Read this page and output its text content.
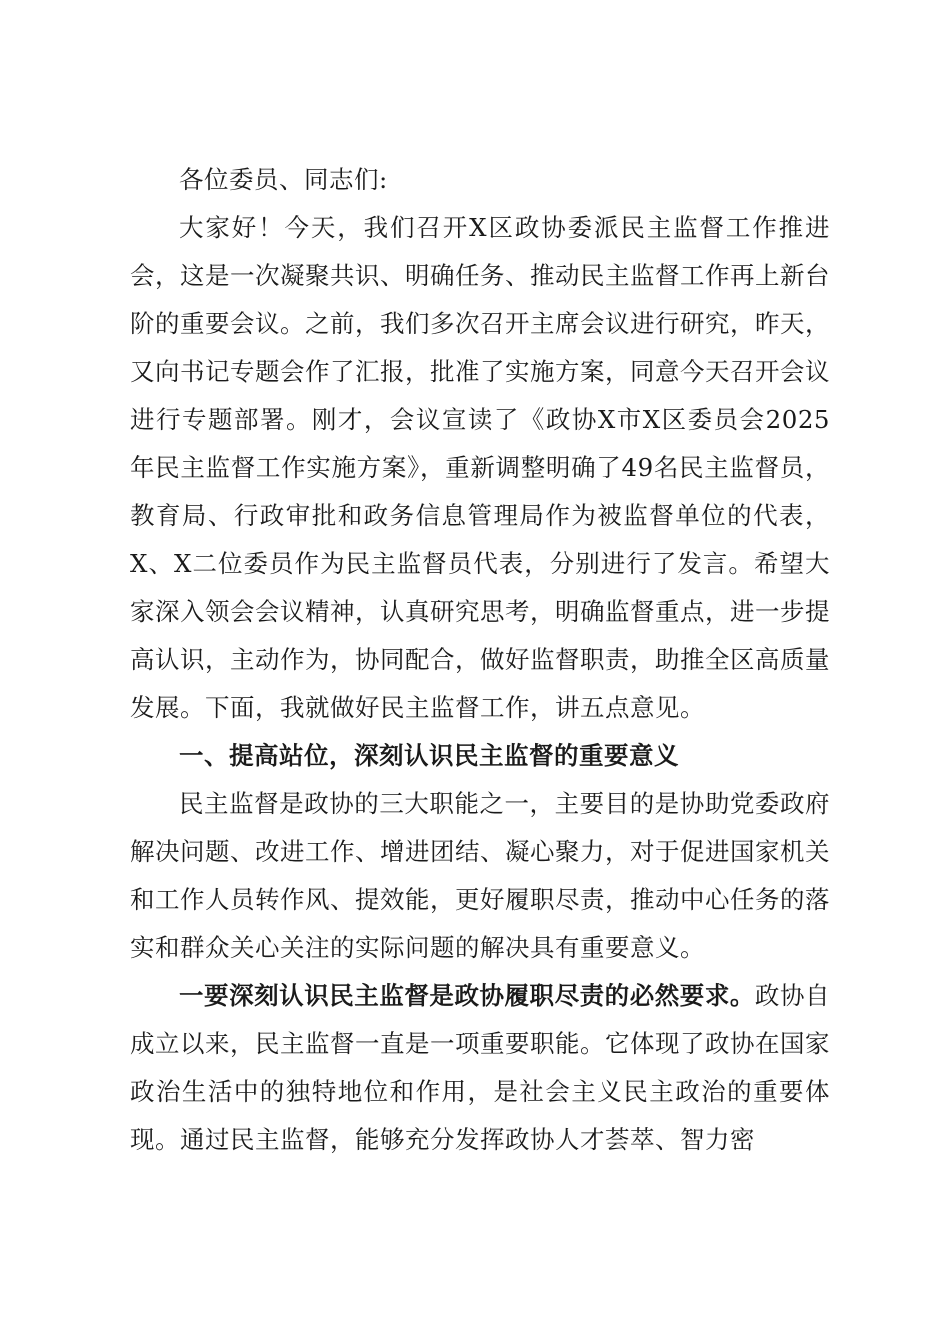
各位委员、同志们:

大家好！今天，我们召开X区政协委派民主监督工作推进会，这是一次凝聚共识、明确任务、推动民主监督工作再上新台阶的重要会议。之前，我们多次召开主席会议进行研究，昨天，又向书记专题会作了汇报，批准了实施方案，同意今天召开会议进行专题部署。刚才，会议宣读了《政协X市X区委员会2025年民主监督工作实施方案》，重新调整明确了49名民主监督员，教育局、行政审批和政务信息管理局作为被监督单位的代表，X、X二位委员作为民主监督员代表，分别进行了发言。希望大家深入领会会议精神，认真研究思考，明确监督重点，进一步提高认识，主动作为，协同配合，做好监督职责，助推全区高质量发展。下面，我就做好民主监督工作，讲五点意见。

一、提高站位，深刻认识民主监督的重要意义

民主监督是政协的三大职能之一，主要目的是协助党委政府解决问题、改进工作、增进团结、凝心聚力，对于促进国家机关和工作人员转作风、提效能，更好履职尽责，推动中心任务的落实和群众关心关注的实际问题的解决具有重要意义。

一要深刻认识民主监督是政协履职尽责的必然要求。政协自成立以来，民主监督一直是一项重要职能。它体现了政协在国家政治生活中的独特地位和作用，是社会主义民主政治的重要体现。通过民主监督，能够充分发挥政协人才荟萃、智力密
